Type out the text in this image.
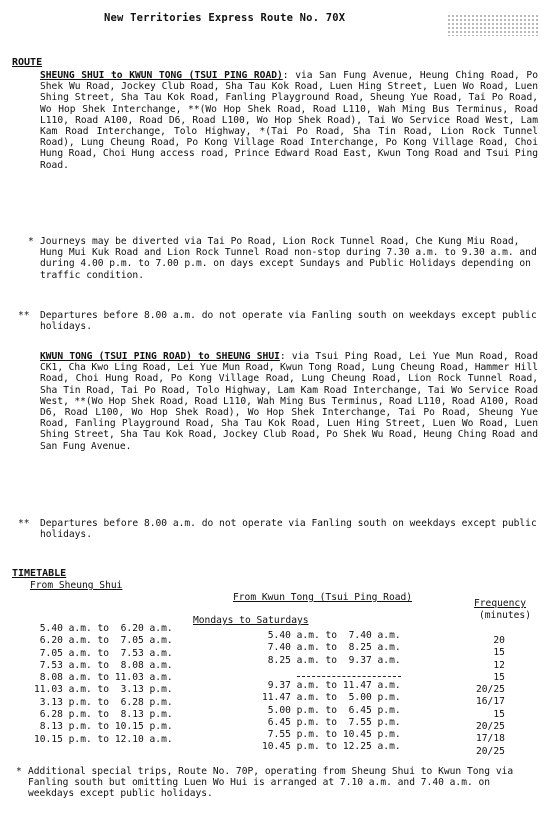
New Territories Express Route No. 70X
ROUTE
SHEUNG SHUI to KWUN TONG (TSUI PING ROAD): via San Fung Avenue, Heung Ching Road, Po Shek Wu Road, Jockey Club Road, Sha Tau Kok Road, Luen Hing Street, Luen Wo Road, Luen Shing Street, Sha Tau Kok Road, Fanling Playground Road, Sheung Yue Road, Tai Po Road, Wo Hop Shek Interchange, **(Wo Hop Shek Road, Road L110, Wah Ming Bus Terminus, Road L110, Road A100, Road D6, Road L100, Wo Hop Shek Road), Tai Wo Service Road West, Lam Kam Road Interchange, Tolo Highway, *(Tai Po Road, Sha Tin Road, Lion Rock Tunnel Road), Lung Cheung Road, Po Kong Village Road Interchange, Po Kong Village Road, Choi Hung Road, Choi Hung access road, Prince Edward Road East, Kwun Tong Road and Tsui Ping Road.
* Journeys may be diverted via Tai Po Road, Lion Rock Tunnel Road, Che Kung Miu Road, Hung Mui Kuk Road and Lion Rock Tunnel Road non-stop during 7.30 a.m. to 9.30 a.m. and during 4.00 p.m. to 7.00 p.m. on days except Sundays and Public Holidays depending on traffic condition.
** Departures before 8.00 a.m. do not operate via Fanling south on weekdays except public holidays.
KWUN TONG (TSUI PING ROAD) to SHEUNG SHUI: via Tsui Ping Road, Lei Yue Mun Road, Road CK1, Cha Kwo Ling Road, Lei Yue Mun Road, Kwun Tong Road, Lung Cheung Road, Hammer Hill Road, Choi Hung Road, Po Kong Village Road, Lung Cheung Road, Lion Rock Tunnel Road, Sha Tin Road, Tai Po Road, Tolo Highway, Lam Kam Road Interchange, Tai Wo Service Road West, **(Wo Hop Shek Road, Road L110, Wah Ming Bus Terminus, Road L110, Road A100, Road D6, Road L100, Wo Hop Shek Road), Wo Hop Shek Interchange, Tai Po Road, Sheung Yue Road, Fanling Playground Road, Sha Tau Kok Road, Luen Hing Street, Luen Wo Road, Luen Shing Street, Sha Tau Kok Road, Jockey Club Road, Po Shek Wu Road, Heung Ching Road and San Fung Avenue.
** Departures before 8.00 a.m. do not operate via Fanling south on weekdays except public holidays.
TIMETABLE
From Sheung Shui
From Kwun Tong (Tsui Ping Road)
Frequency
(minutes)
Mondays to Saturdays
5.40 a.m. to  6.20 a.m.
6.20 a.m. to  7.05 a.m.
7.05 a.m. to  7.53 a.m.
7.53 a.m. to  8.08 a.m.
8.08 a.m. to 11.03 a.m.
11.03 a.m. to  3.13 p.m.
3.13 p.m. to  6.28 p.m.
6.28 p.m. to  8.13 p.m.
8.13 p.m. to 10.15 p.m.
10.15 p.m. to 12.10 a.m.
5.40 a.m. to  7.40 a.m.
7.40 a.m. to  8.25 a.m.
8.25 a.m. to  9.37 a.m.
9.37 a.m. to 11.47 a.m.
11.47 a.m. to  5.00 p.m.
5.00 p.m. to  6.45 p.m.
6.45 p.m. to  7.55 p.m.
7.55 p.m. to 10.45 p.m.
10.45 p.m. to 12.25 a.m.
20
15
12
15
20/25
16/17
15
20/25
17/18
20/25
* Additional special trips, Route No. 70P, operating from Sheung Shui to Kwun Tong via Fanling south but omitting Luen Wo Hui is arranged at 7.10 a.m. and 7.40 a.m. on weekdays except public holidays.
